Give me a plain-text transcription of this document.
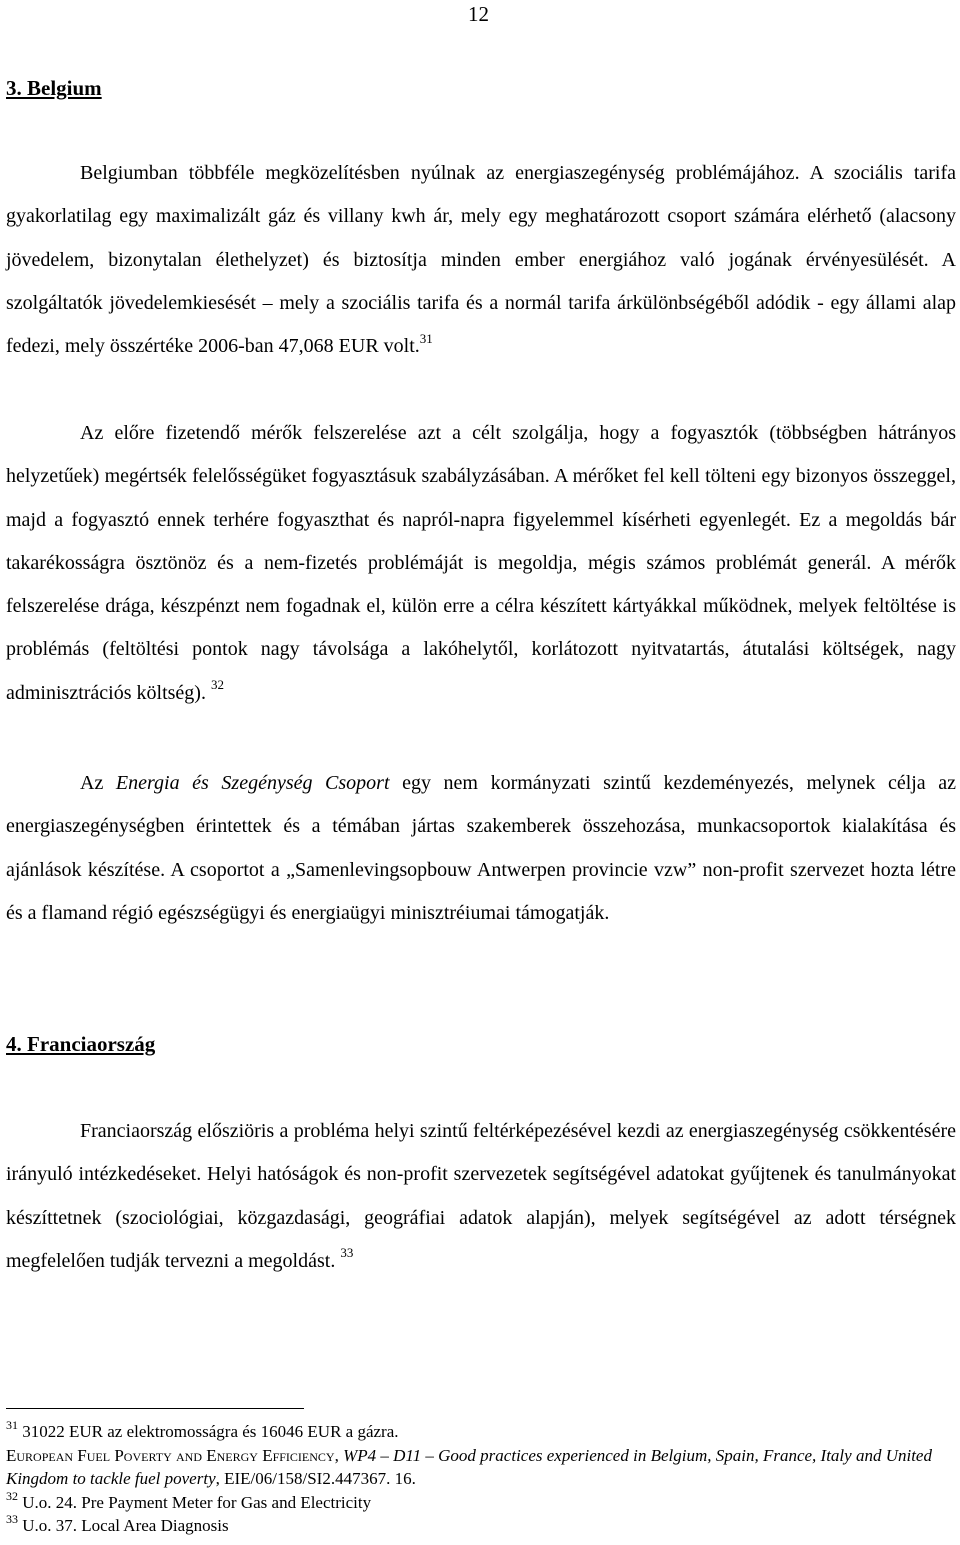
12
3. Belgium

Belgiumban többféle megközelítésben nyúlnak az energiaszegénység problémájához. A szociális tarifa gyakorlatilag egy maximalizált gáz és villany kwh ár, mely egy meghatározott csoport számára elérhető (alacsony jövedelem, bizonytalan élethelyzet) és biztosítja minden ember energiához való jogának érvényesülését. A szolgáltatók jövedelemkiesését – mely a szociális tarifa és a normál tarifa árkülönbségéből adódik - egy állami alap fedezi, mely összértéke 2006-ban 47,068 EUR volt.$^{31}$

Az előre fizetendő mérők felszerelése azt a célt szolgálja, hogy a fogyasztók (többségben hátrányos helyzetűek) megértsék felelősségüket fogyasztásuk szabályzásában. A mérőket fel kell tölteni egy bizonyos összeggel, majd a fogyasztó ennek terhére fogyaszthat és napról-napra figyelemmel kísérheti egyenlegét. Ez a megoldás bár takarékosságra ösztönöz és a nem-fizetés problémáját is megoldja, mégis számos problémát generál. A mérők felszerelése drága, készpénzt nem fogadnak el, külön erre a célra készített kártyákkal működnek, melyek feltöltése is problémás (feltöltési pontok nagy távolsága a lakóhelytől, korlátozott nyitvatartás, átutalási költségek, nagy adminisztrációs költség). $^{32}$

Az Energia és Szegénység Csoport egy nem kormányzati szintű kezdeményezés, melynek célja az energiaszegénységben érintettek és a témában jártas szakemberek összehozása, munkacsoportok kialakítása és ajánlások készítése. A csoportot a „Samenlevingsopbouw Antwerpen provincie vzw” non-profit szervezet hozta létre és a flamand régió egészségügyi és energiaügyi minisztréiumai támogatják.

4. Franciaország

Franciaország elősziöris a probléma helyi szintű feltérképezésével kezdi az energiaszegénység csökkentésére irányuló intézkedéseket. Helyi hatóságok és non-profit szervezetek segítségével adatokat gyűjtenek és tanulmányokat készíttetnek (szociológiai, közgazdasági, geográfiai adatok alapján), melyek segítségével az adott térségnek megfelelően tudják tervezni a megoldást. $^{33}$

$^{31}$ 31022 EUR az elektromosságra és 16046 EUR a gázra.

European Fuel Poverty and Energy Efficiency, WP4 – D11 – Good practices experienced in Belgium, Spain, France, Italy and United Kingdom to tackle fuel poverty, EIE/06/158/SI2.447367. 16.

$^{32}$ U.o. 24. Pre Payment Meter for Gas and Electricity

$^{33}$ U.o. 37. Local Area Diagnosis
